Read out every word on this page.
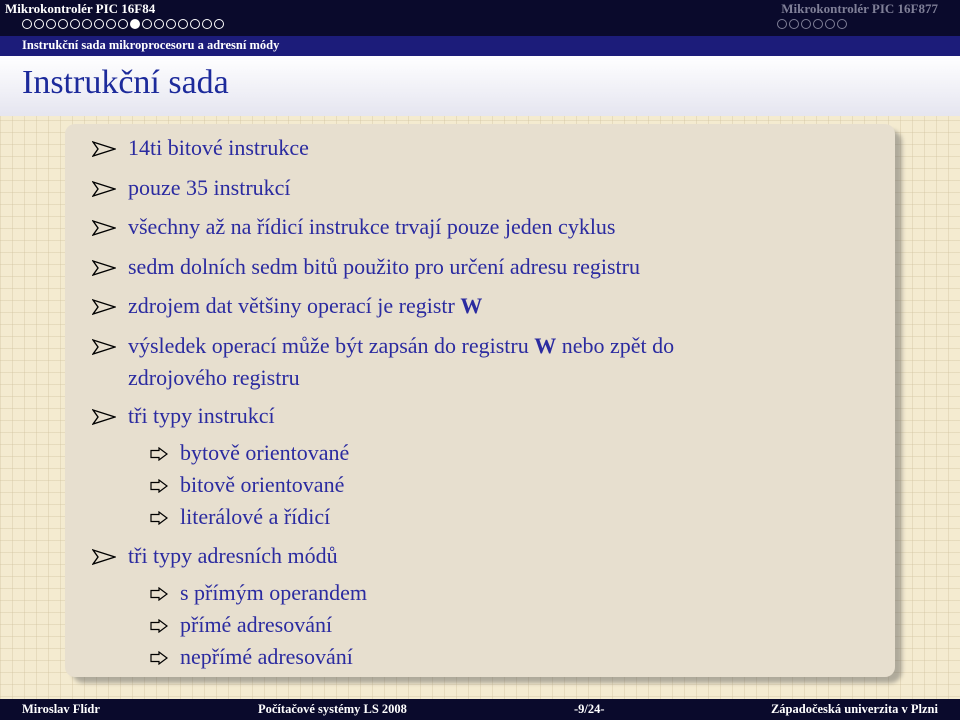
Mikrokontrolér PIC 16F84	Mikrokontrolér PIC 16F877
Instrukční sada mikroprocesoru a adresní módy
Instrukční sada
14ti bitové instrukce
pouze 35 instrukcí
všechny až na řídicí instrukce trvají pouze jeden cyklus
sedm dolních sedm bitů použito pro určení adresu registru
zdrojem dat většiny operací je registr W
výsledek operací může být zapsán do registru W nebo zpět do
zdrojového registru
tři typy instrukcí
bytově orientované
bitově orientované
literálové a řídicí
tři typy adresních módů
s přímým operandem
přímé adresování
nepřímé adresování
Miroslav Flídr	Počítačové systémy LS 2008	-9/24-	Západočeská univerzita v Plzni
